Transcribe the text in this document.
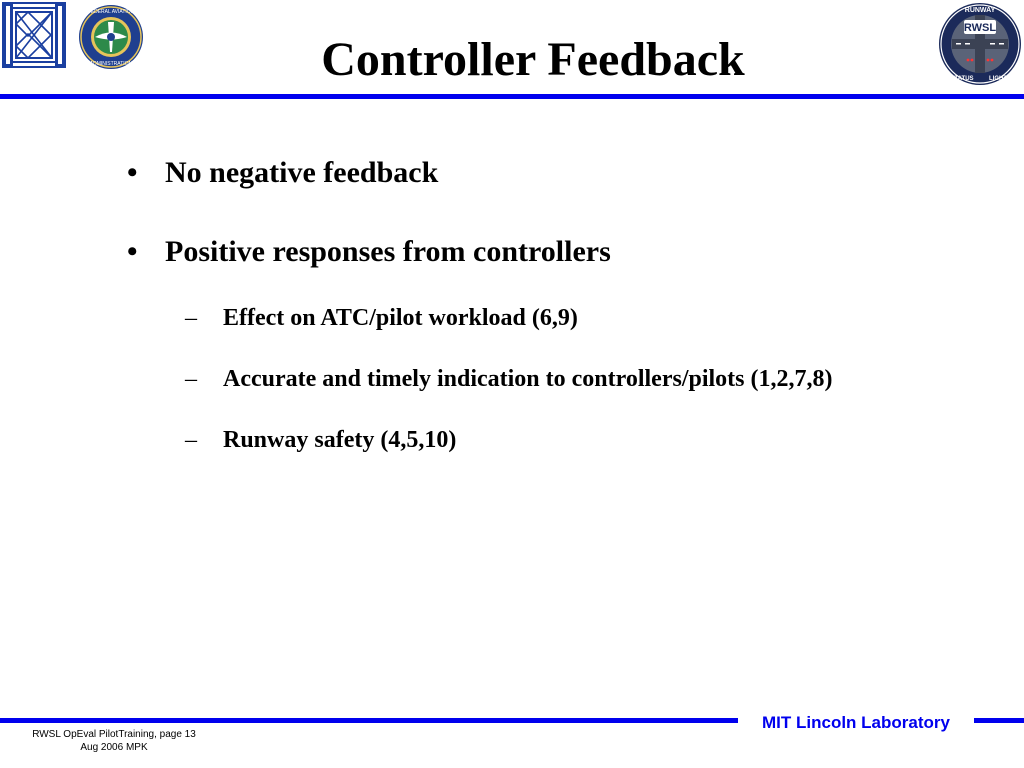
FEDERAL AVIATION
ADMINISTRATION	Controller Feedback
RWSL
RUNWAY
STATUS	LIGHTS
• No negative feedback
• Positive responses from controllers
– Effect on ATC/pilot workload (6,9)
– Accurate and timely indication to controllers/pilots (1,2,7,8)
– Runway safety (4,5,10)
MIT Lincoln Laboratory
RWSL OpEval PilotTraining, page 13
Aug 2006 MPK
